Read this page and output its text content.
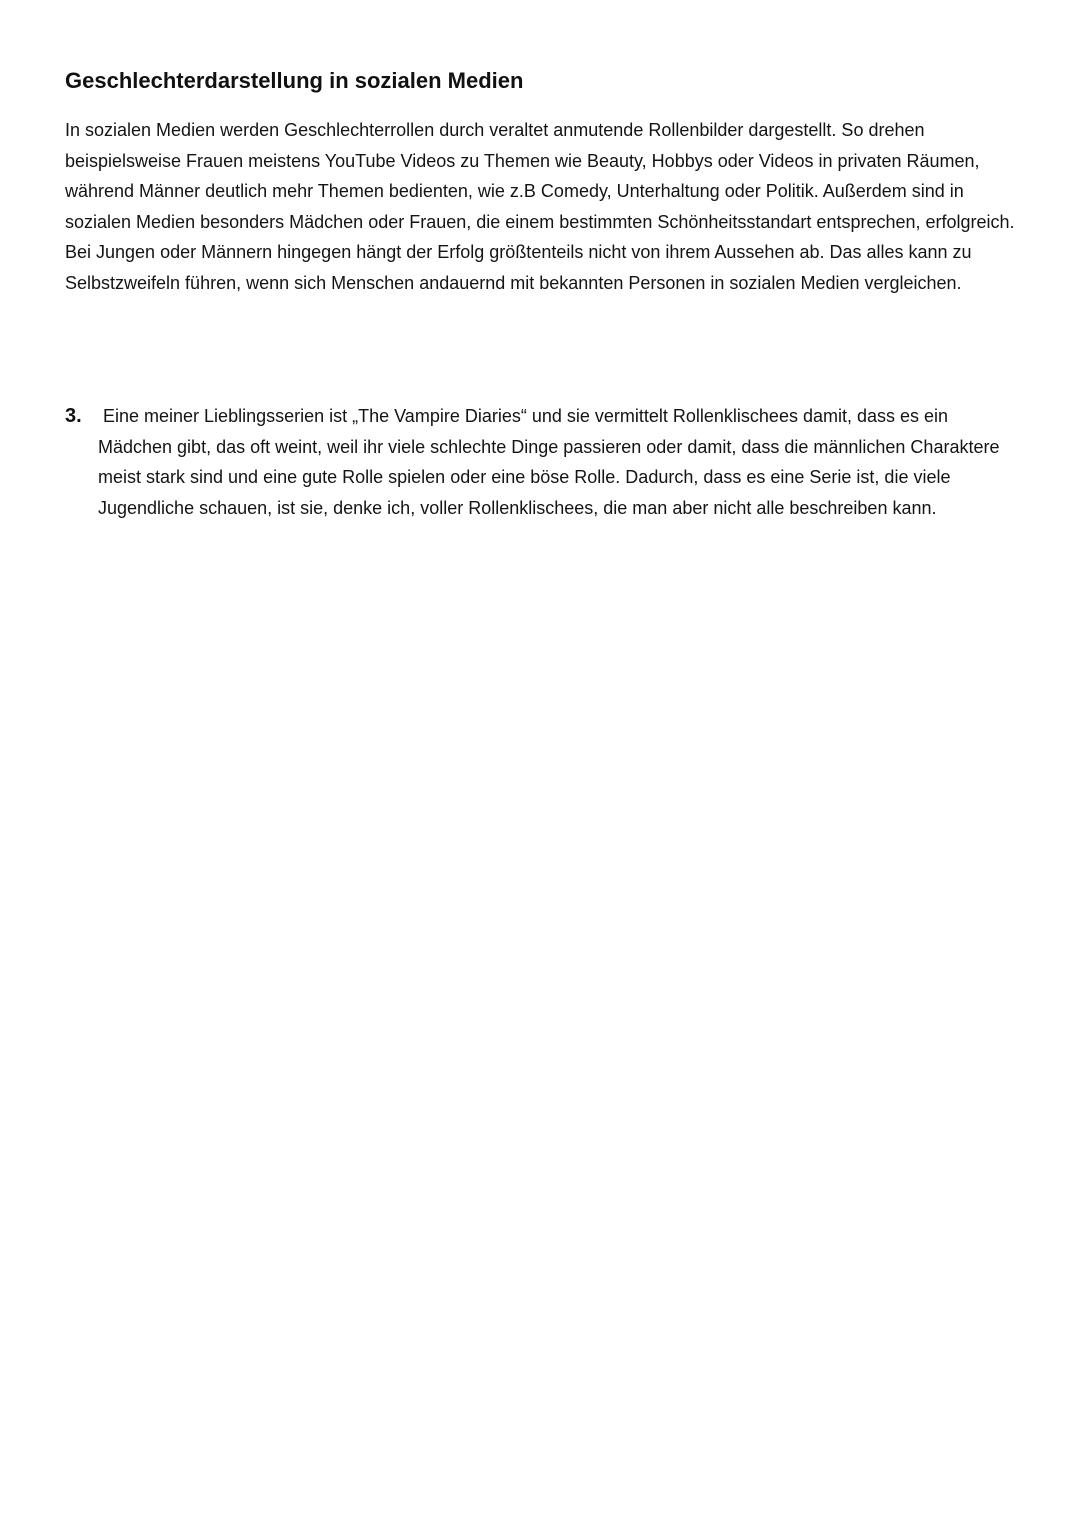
Geschlechterdarstellung in sozialen Medien

In sozialen Medien werden Geschlechterrollen durch veraltet anmutende Rollenbilder dargestellt. So drehen beispielsweise Frauen meistens YouTube Videos zu Themen wie Beauty, Hobbys oder Videos in privaten Räumen, während Männer deutlich mehr Themen bedienten, wie z.B Comedy, Unterhaltung oder Politik. Außerdem sind in sozialen Medien besonders Mädchen oder Frauen, die einem bestimmten Schönheitsstandart entsprechen, erfolgreich. Bei Jungen oder Männern hingegen hängt der Erfolg größtenteils nicht von ihrem Aussehen ab. Das alles kann zu Selbstzweifeln führen, wenn sich Menschen andauernd mit bekannten Personen in sozialen Medien vergleichen.

3. Eine meiner Lieblingsserien ist „The Vampire Diaries“ und sie vermittelt Rollenklischees damit, dass es ein Mädchen gibt, das oft weint, weil ihr viele schlechte Dinge passieren oder damit, dass die männlichen Charaktere meist stark sind und eine gute Rolle spielen oder eine böse Rolle. Dadurch, dass es eine Serie ist, die viele Jugendliche schauen, ist sie, denke ich, voller Rollenklischees, die man aber nicht alle beschreiben kann.
